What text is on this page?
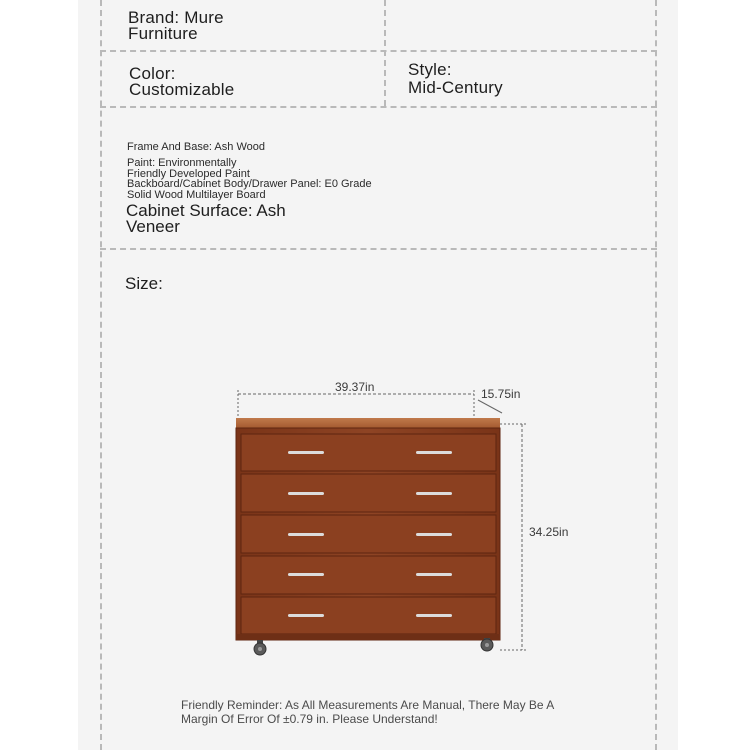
Brand: Mure
Furniture
Color:
Customizable
Style:
Mid-Century
Frame And Base: Ash Wood
Paint: Environmentally
Friendly Developed Paint
Backboard/Cabinet Body/Drawer Panel: E0 Grade
Solid Wood Multilayer Board
Cabinet Surface: Ash
Veneer
Size:
39.37in	15.75in
34.25in
Friendly Reminder: As All Measurements Are Manual, There May Be A
Margin Of Error Of ±0.79 in. Please Understand!
